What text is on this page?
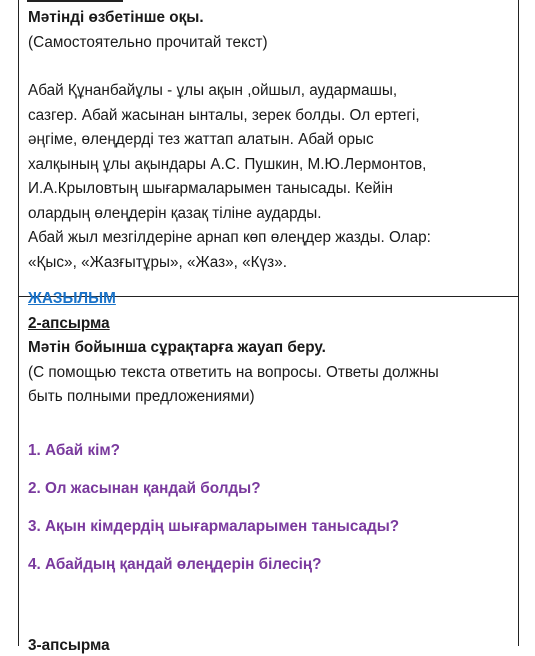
Мәтінді өзбетінше оқы.

(Самостоятельно прочитай текст)

Абай Құнанбайұлы - ұлы ақын ,ойшыл, аудармашы,

сазгер. Абай жасынан ынталы, зерек болды. Ол ертегі,

әңгіме, өлеңдерді тез жаттап алатын. Абай орыс

халқының ұлы ақындары А.С. Пушкин, М.Ю.Лермонтов,

И.А.Крыловтың шығармаларымен танысады. Кейін

олардың өлеңдерін қазақ тіліне аударды.

Абай жыл мезгілдеріне арнап көп өлеңдер жазды. Олар:

«Қыс», «Жазғытұры», «Жаз», «Күз».

ЖАЗЫЛЫМ

2-апсырма

Мәтін бойынша сұрақтарға жауап беру.

(С помощью текста ответить на вопросы. Ответы должны

быть полными предложениями)

1. Абай кім?

2. Ол жасынан қандай болды?

3. Ақын кімдердің шығармаларымен танысады?

4. Абайдың қандай өлеңдерін білесің?

3-апсырма
